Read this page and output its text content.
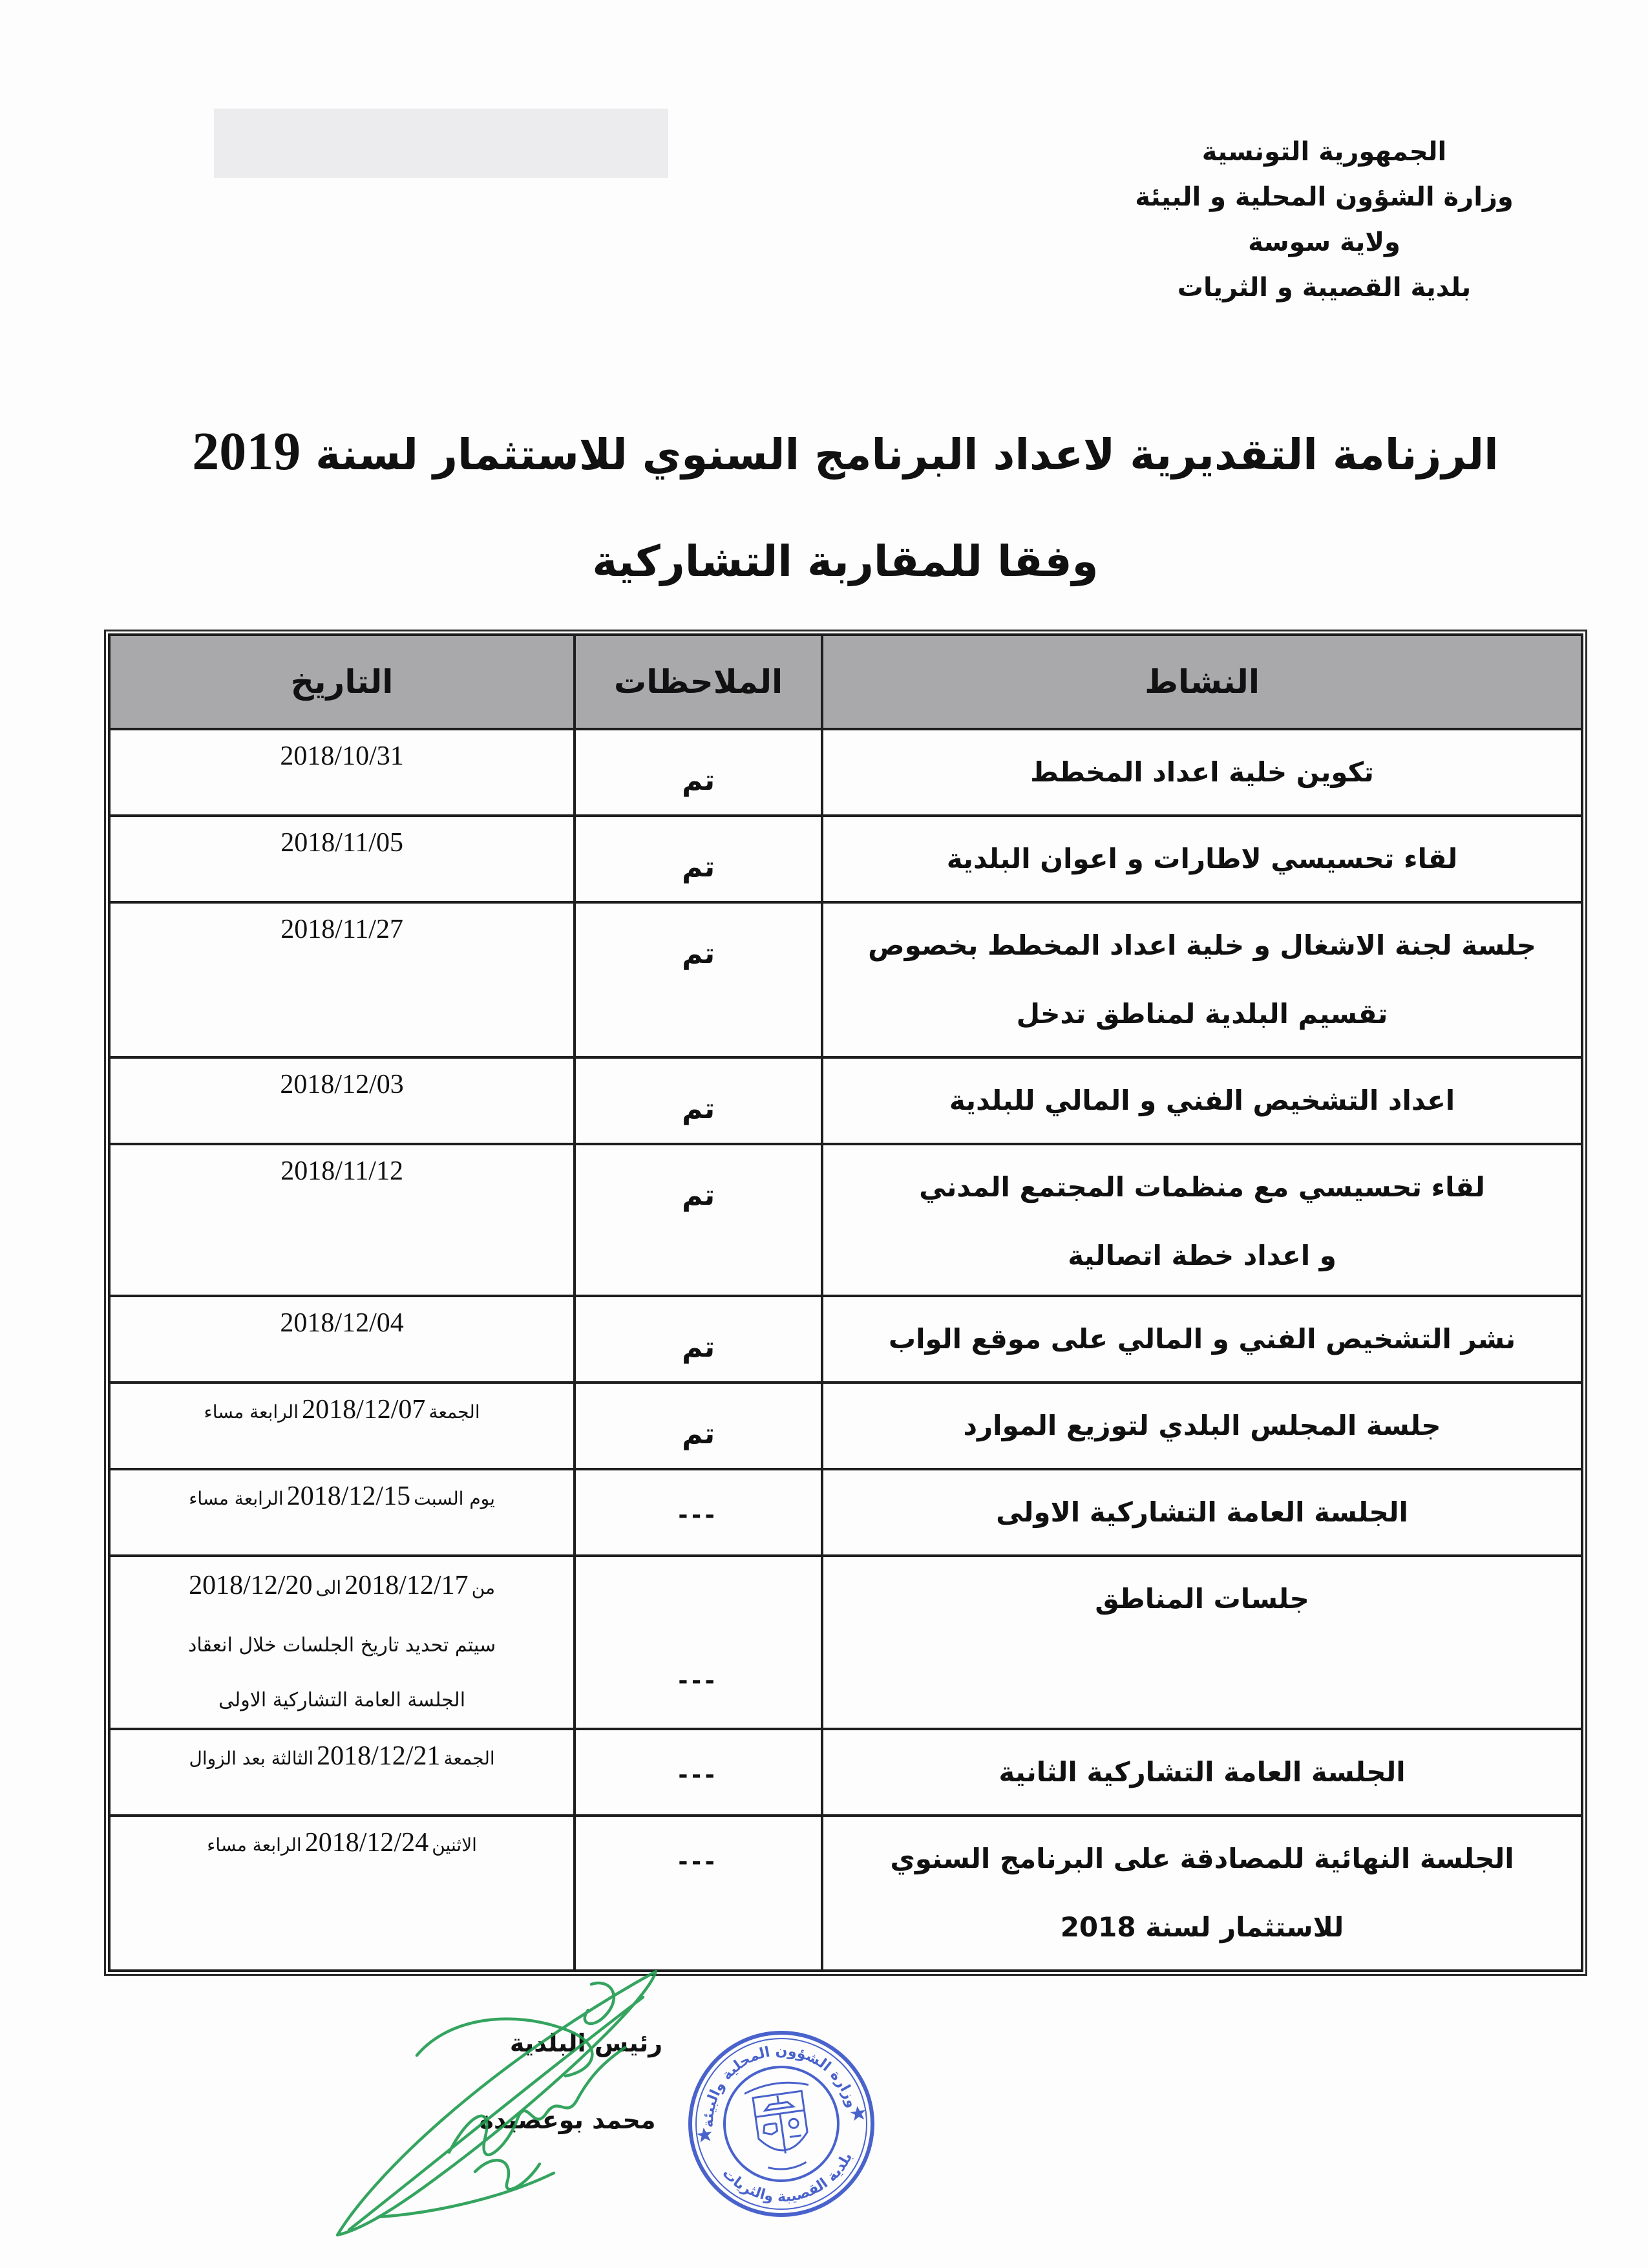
الجمهورية التونسية
وزارة الشؤون المحلية و البيئة
ولاية سوسة
بلدية القصيبة و الثريات
الرزنامة التقديرية لاعداد البرنامج السنوي للاستثمار لسنة 2019
وفقا للمقاربة التشاركية
النشاط	الملاحظات	التاريخ

تكوين خلية اعداد المخطط	تم	2018/10/31

لقاء تحسيسي لاطارات و اعوان البلدية	تم	2018/11/05

جلسة لجنة الاشغال و خلية اعداد المخطط بخصوص
تقسيم البلدية لمناطق تدخل	تم	2018/11/27

اعداد التشخيص الفني و المالي للبلدية	تم	2018/12/03

لقاء تحسيسي مع منظمات المجتمع المدني
و اعداد خطة اتصالية	تم	2018/11/12

نشر التشخيص الفني و المالي على موقع الواب	تم	2018/12/04

جلسة المجلس البلدي لتوزيع الموارد	تم	الجمعة 2018/12/07 الرابعة مساء

الجلسة العامة التشاركية الاولى	---	يوم السبت 2018/12/15 الرابعة مساء

جلسات المناطق	---	من 2018/12/17 الى 2018/12/20
سيتم تحديد تاريخ الجلسات خلال انعقاد
الجلسة العامة التشاركية الاولى

الجلسة العامة التشاركية الثانية	---	الجمعة 2018/12/21 الثالثة بعد الزوال

الجلسة النهائية للمصادقة على البرنامج السنوي
للاستثمار لسنة 2018	---	الاثنين 2018/12/24 الرابعة مساء
رئيس البلدية
محمد بوعصيدة	وزارة الشؤون المحلية والبيئة
بلدية القصيبة والثريات
